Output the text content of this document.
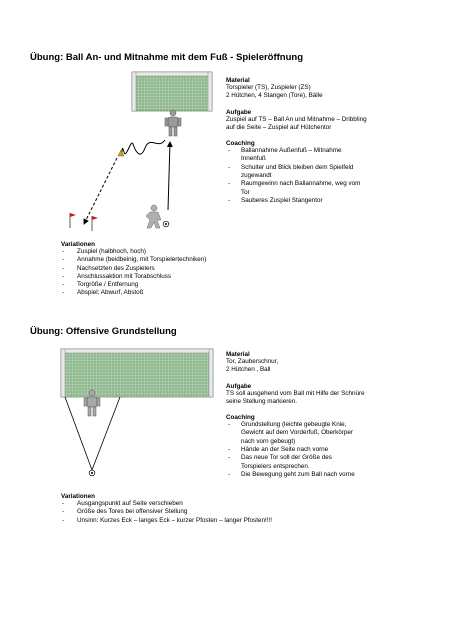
Übung: Ball An- und Mitnahme mit dem Fuß - Spieleröffnung
Material
Torspieler (TS), Zuspieler (ZS)
2 Hütchen, 4 Stangen (Tore), Bälle
Aufgabe
Zuspiel auf TS – Ball An und Mitnahme – Dribbling
auf die Seite – Zuspiel auf Hütchentor
Coaching
- Ballannahme Außenfuß – Mitnahme
Innenfuß
- Schulter und Blick bleiben dem Spielfeld
zugewandt
- Raumgewinn nach Ballannahme, weg vom
Tor
- Sauberes Zuspiel Stangentor
Variationen
- Zuspiel (halbhoch, hoch)
- Annahme (beidbeinig, mit Torspielertechniken)
- Nachsetzten des Zuspielers
- Anschlussaktion mit Torabschluss
- Torgröße / Entfernung
- Abspiel; Abwurf, Abstoß
Übung: Offensive Grundstellung
Material
Tor, Zauberschnur,
2 Hütchen , Ball
Aufgabe
TS soll ausgehend vom Ball mit Hilfe der Schnüre
seine Stellung markieren.
Coaching
- Grundstellung (leichte gebeugte Knie,
Gewicht auf dem Vorderfuß, Oberkörper
nach vorn gebeugt)
- Hände an der Seite nach vorne
- Das neue Tor soll der Größe des
Torspielers entsprechen.
- Die Bewegung geht zum Ball nach vorne
Variationen
- Ausgangspunkt auf Seite verschieben
- Größe des Tores bei offensiver Stellung
- Unsinn: Kurzes Eck – langes Eck – kurzer Pfosten – langer Pfosten!!!!
